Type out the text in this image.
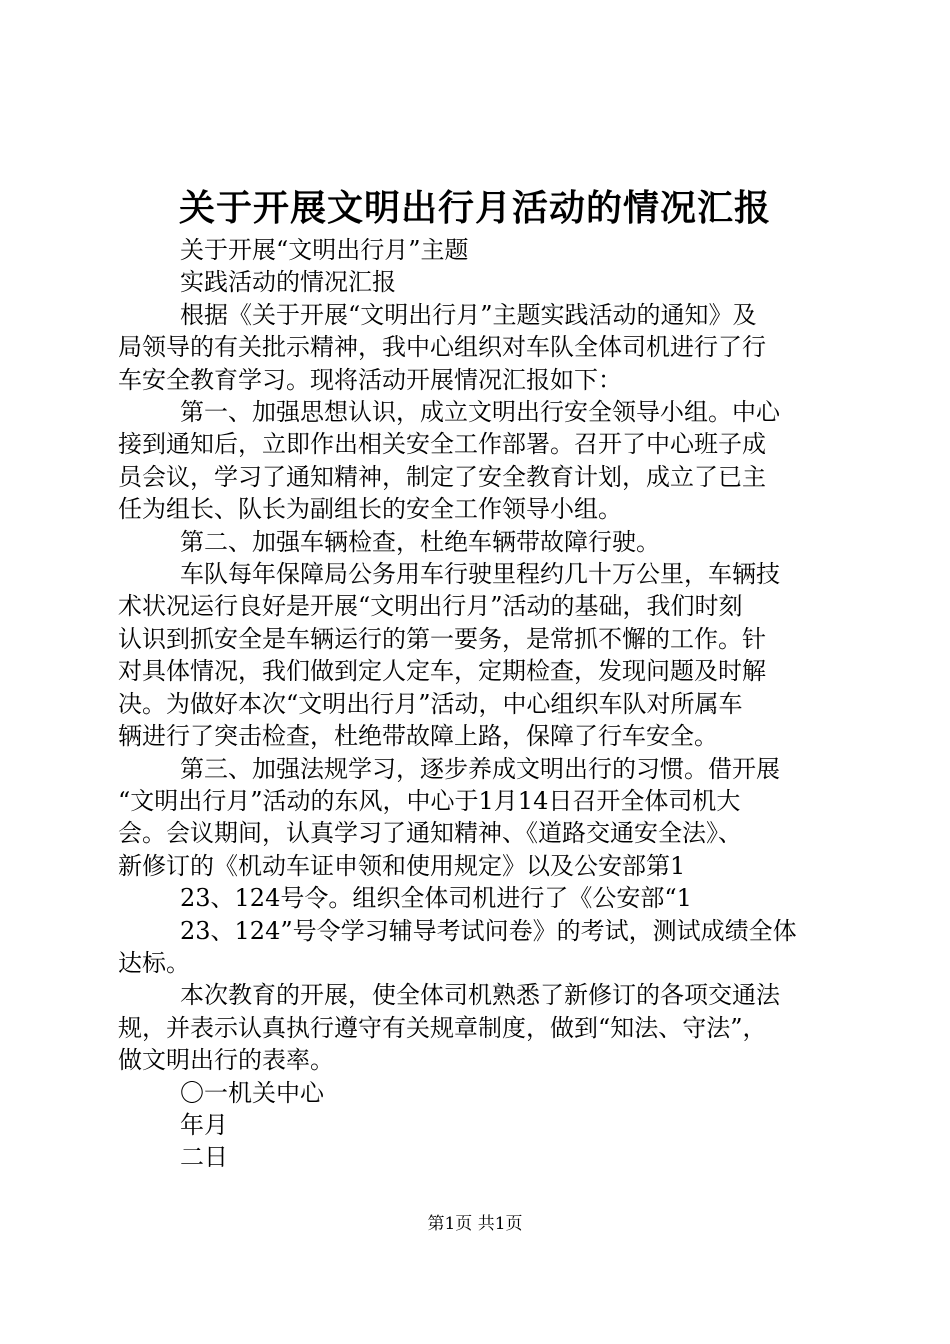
关于开展文明出行月活动的情况汇报

关于开展“文明出行月”主题

实践活动的情况汇报

根据《关于开展“文明出行月”主题实践活动的通知》及

局领导的有关批示精神，我中心组织对车队全体司机进行了行

车安全教育学习。现将活动开展情况汇报如下：

第一、加强思想认识，成立文明出行安全领导小组。中心

接到通知后，立即作出相关安全工作部署。召开了中心班子成

员会议，学习了通知精神，制定了安全教育计划，成立了已主

任为组长、队长为副组长的安全工作领导小组。

第二、加强车辆检查，杜绝车辆带故障行驶。

车队每年保障局公务用车行驶里程约几十万公里，车辆技

术状况运行良好是开展“文明出行月”活动的基础，我们时刻

认识到抓安全是车辆运行的第一要务，是常抓不懈的工作。针

对具体情况，我们做到定人定车，定期检查，发现问题及时解

决。为做好本次“文明出行月”活动，中心组织车队对所属车

辆进行了突击检查，杜绝带故障上路，保障了行车安全。

第三、加强法规学习，逐步养成文明出行的习惯。借开展

“文明出行月”活动的东风，中心于1月14日召开全体司机大

会。会议期间，认真学习了通知精神、《道路交通安全法》、

新修订的《机动车证申领和使用规定》以及公安部第1

23、124号令。组织全体司机进行了《公安部“1

23、124”号令学习辅导考试问卷》的考试，测试成绩全体

达标。

本次教育的开展，使全体司机熟悉了新修订的各项交通法

规，并表示认真执行遵守有关规章制度，做到“知法、守法”，

做文明出行的表率。

〇一机关中心

年月

二日

第1页 共1页
